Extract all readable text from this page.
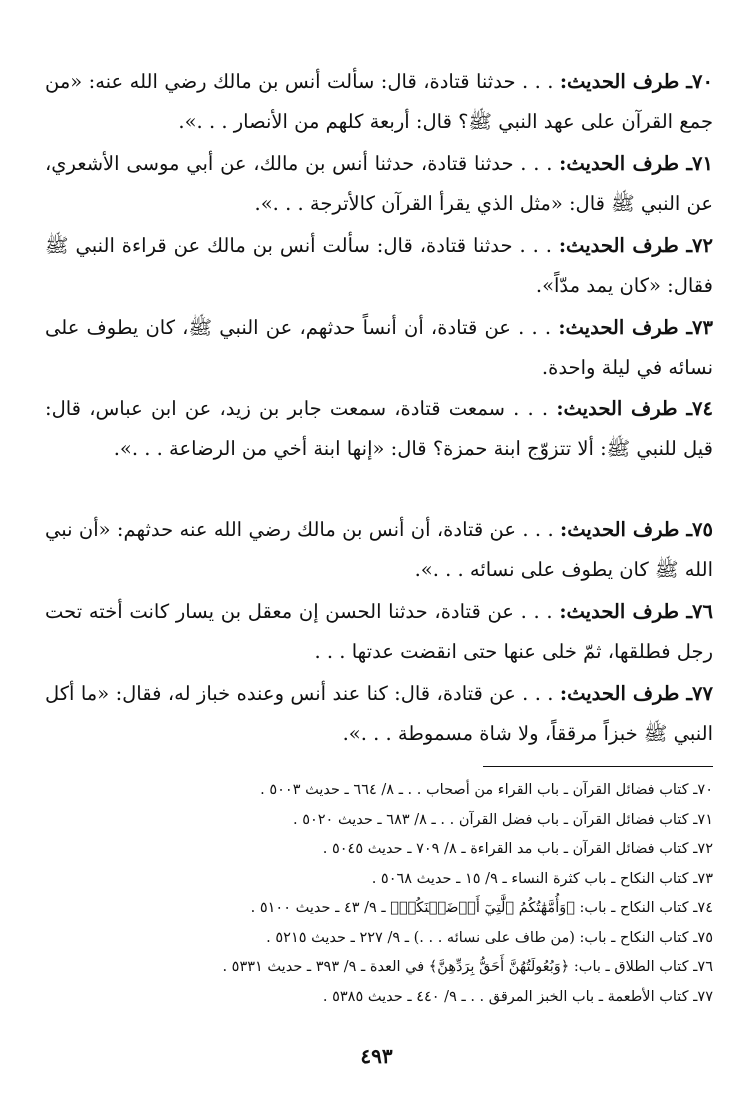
٧٠ـ طرف الحديث: . . . حدثنا قتادة، قال: سألت أنس بن مالك رضي الله عنه: «من جمع القرآن على عهد النبي ﷺ؟ قال: أربعة كلهم من الأنصار . . .».
٧١ـ طرف الحديث: . . . حدثنا قتادة، حدثنا أنس بن مالك، عن أبي موسى الأشعري، عن النبي ﷺ قال: «مثل الذي يقرأ القرآن كالأترجة . . .».
٧٢ـ طرف الحديث: . . . حدثنا قتادة، قال: سألت أنس بن مالك عن قراءة النبي ﷺ فقال: «كان يمد مدّاً».
٧٣ـ طرف الحديث: . . . عن قتادة، أن أنساً حدثهم، عن النبي ﷺ، كان يطوف على نسائه في ليلة واحدة.
٧٤ـ طرف الحديث: . . . سمعت قتادة، سمعت جابر بن زيد، عن ابن عباس، قال: قيل للنبي ﷺ: ألا تتزوّج ابنة حمزة؟ قال: «إنها ابنة أخي من الرضاعة . . .».
٧٥ـ طرف الحديث: . . . عن قتادة، أن أنس بن مالك رضي الله عنه حدثهم: «أن نبي الله ﷺ كان يطوف على نسائه . . .».
٧٦ـ طرف الحديث: . . . عن قتادة، حدثنا الحسن إن معقل بن يسار كانت أخته تحت رجل فطلقها، ثمّ خلى عنها حتى انقضت عدتها . . .
٧٧ـ طرف الحديث: . . . عن قتادة، قال: كنا عند أنس وعنده خباز له، فقال: «ما أكل النبي ﷺ خبزاً مرققاً، ولا شاة مسموطة . . .».
٧٠ـ كتاب فضائل القرآن ـ باب القراء من أصحاب . . ـ ٨/ ٦٦٤ ـ حديث ٥٠٠٣ .
٧١ـ كتاب فضائل القرآن ـ باب فضل القرآن . . ـ ٨/ ٦٨٣ ـ حديث ٥٠٢٠ .
٧٢ـ كتاب فضائل القرآن ـ باب مد القراءة ـ ٨/ ٧٠٩ ـ حديث ٥٠٤٥ .
٧٣ـ كتاب النكاح ـ باب كثرة النساء ـ ٩/ ١٥ ـ حديث ٥٠٦٨ .
٧٤ـ كتاب النكاح ـ باب: ﴿وَأُمَّهَٰتُكُمُ ٱلَّٰتِيٓ أَرۡضَعۡنَكُمۡ﴾ ـ ٩/ ٤٣ ـ حديث ٥١٠٠ .
٧٥ـ كتاب النكاح ـ باب: (من طاف على نسائه . . .) ـ ٩/ ٢٢٧ ـ حديث ٥٢١٥ .
٧٦ـ كتاب الطلاق ـ باب: ﴿وَبُعُولَتُهُنَّ أَحَقُّ بِرَدِّهِنَّ﴾ في العدة ـ ٩/ ٣٩٣ ـ حديث ٥٣٣١ .
٧٧ـ كتاب الأطعمة ـ باب الخبز المرقق . . ـ ٩/ ٤٤٠ ـ حديث ٥٣٨٥ .
٤٩٣
